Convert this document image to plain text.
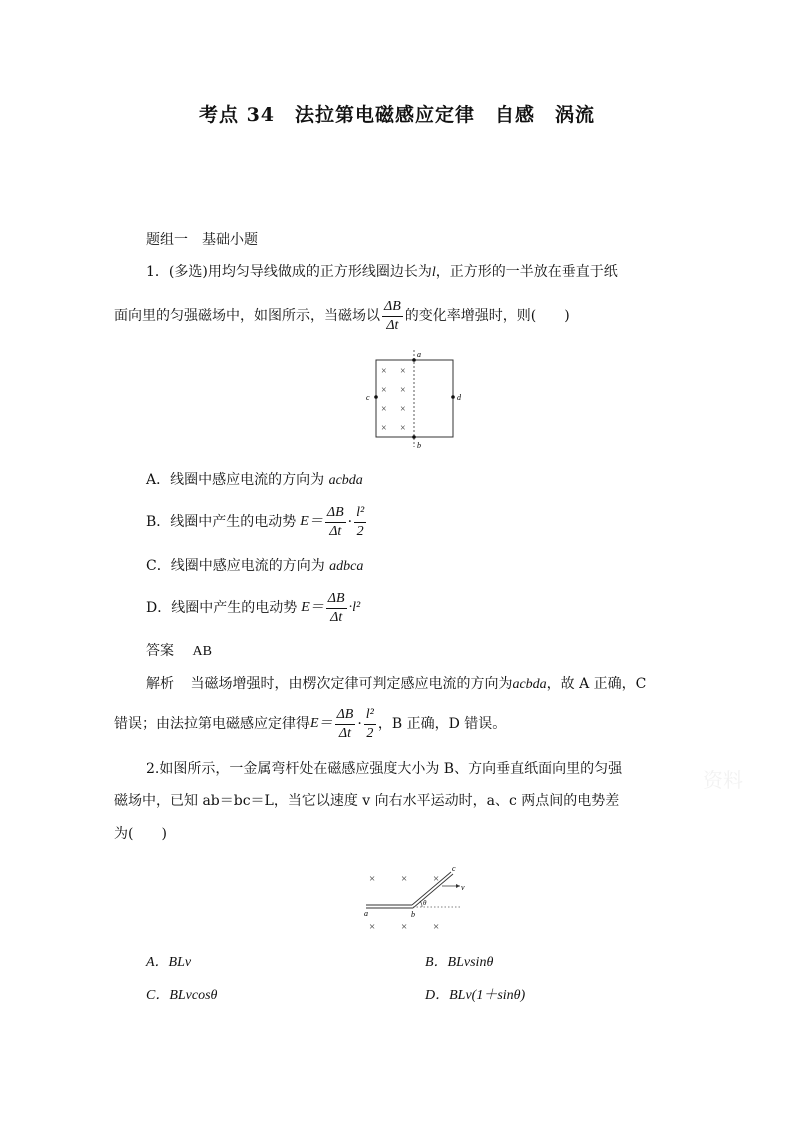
考点 34　法拉第电磁感应定律　自感　涡流
题组一　基础小题
1．(多选)用均匀导线做成的正方形线圈边长为l，正方形的一半放在垂直于纸
面向里的匀强磁场中，如图所示，当磁场以 $\frac{\Delta B}{\Delta t}$ 的变化率增强时，则(　　)
a
b
c	d
× ×
× ×
× ×
× ×
A．线圈中感应电流的方向为 acbda
B．线圈中产生的电动势 $E= \frac{\Delta B}{\Delta t} \cdot \frac{\text{l²}}{2}$
C．线圈中感应电流的方向为 adbca
D．线圈中产生的电动势 $E= \frac{\Delta B}{\Delta t} \cdot l^2$
答案 AB
解析 当磁场增强时，由楞次定律可判定感应电流的方向为acbda，故 A 正确，C
错误；由法拉第电磁感应定律得 $E= \frac{\Delta B}{\Delta t} \cdot \frac{\text{l²}}{2}$ ，B 正确，D 错误。
2.如图所示，一金属弯杆处在磁感应强度大小为 B、方向垂直纸面向里的匀强
磁场中，已知 ab＝bc＝L，当它以速度 v 向右水平运动时，a、c 两点间的电势差
为(　　)
资料
× × ×
× × ×
a	b
c
v
θ
A．BLv	B．BLvsinθ
C．BLvcosθ	D．BLv(1＋sinθ)
